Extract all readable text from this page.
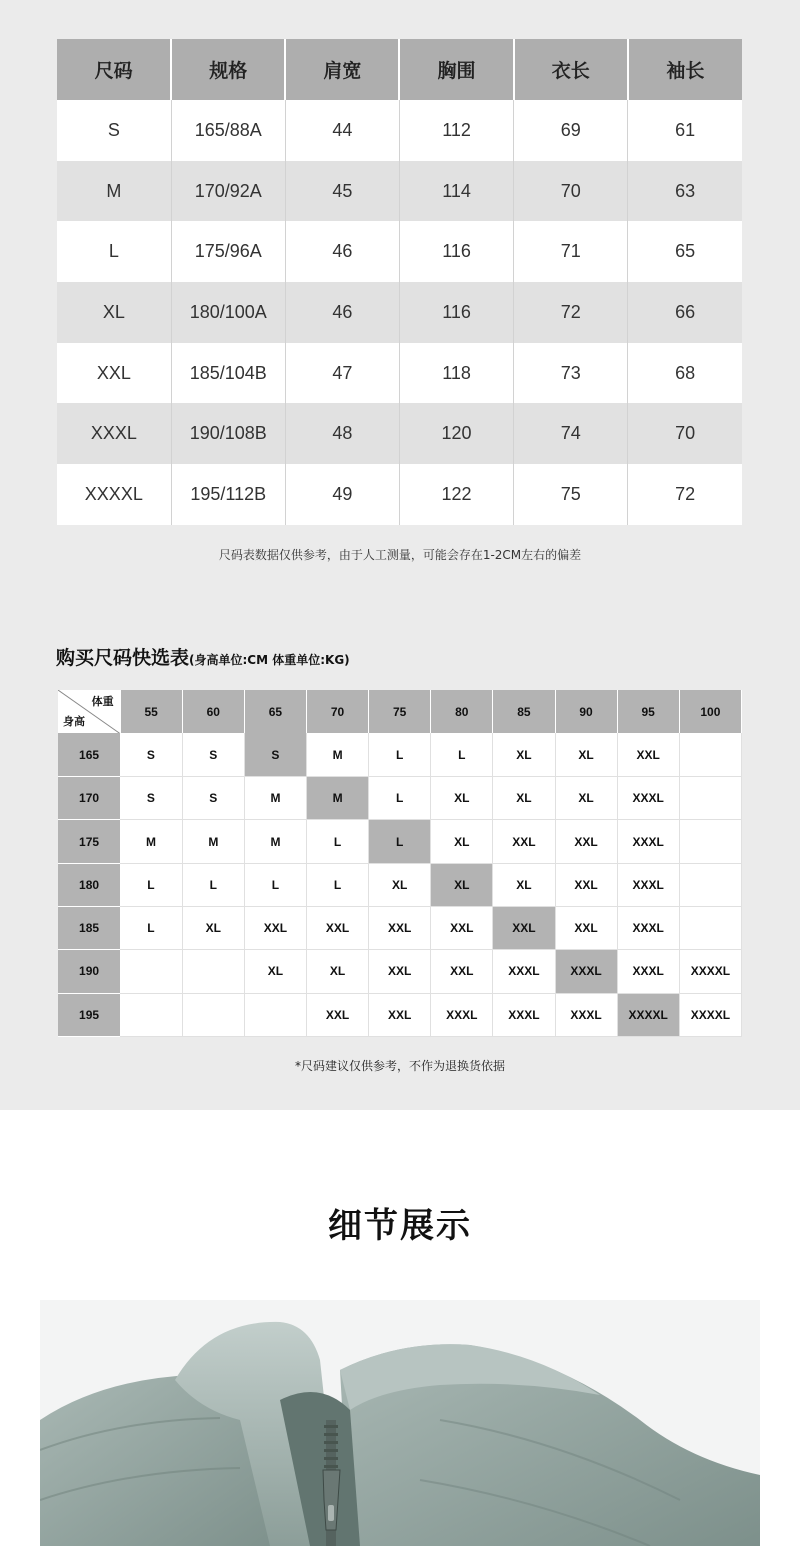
尺码	规格	肩宽	胸围	衣长	袖长
S	165/88A	44	112	69	61
M	170/92A	45	114	70	63
L	175/96A	46	116	71	65
XL	180/100A	46	116	72	66
XXL	185/104B	47	118	73	68
XXXL	190/108B	48	120	74	70
XXXXL	195/112B	49	122	75	72
尺码表数据仅供参考，由于人工测量，可能会存在1-2CM左右的偏差
购买尺码快选表(身高单位:CM 体重单位:KG)
体重
身高	55	60	65	70	75	80	85	90	95	100
165	S	S	S	M	L	L	XL	XL	XXL	
170	S	S	M	M	L	XL	XL	XL	XXXL	
175	M	M	M	L	L	XL	XXL	XXL	XXXL	
180	L	L	L	L	XL	XL	XL	XXL	XXXL	
185	L	XL	XXL	XXL	XXL	XXL	XXL	XXL	XXXL	
190			XL	XL	XXL	XXL	XXXL	XXXL	XXXL	XXXXL
195				XXL	XXL	XXXL	XXXL	XXXL	XXXXL	XXXXL
*尺码建议仅供参考，不作为退换货依据
细节展示
